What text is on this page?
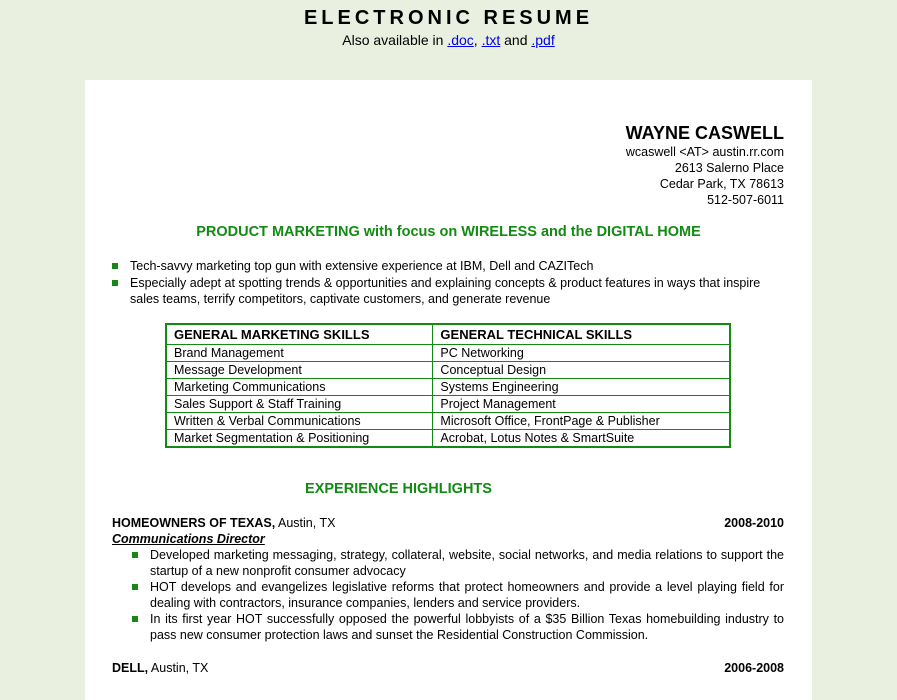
ELECTRONIC RESUME
Also available in .doc, .txt and .pdf
WAYNE CASWELL
wcaswell <AT> austin.rr.com
2613 Salerno Place
Cedar Park, TX 78613
512-507-6011
PRODUCT MARKETING with focus on WIRELESS and the DIGITAL HOME
Tech-savvy marketing top gun with extensive experience at IBM, Dell and CAZITech
Especially adept at spotting trends & opportunities and explaining concepts & product features in ways that inspire sales teams, terrify competitors, captivate customers, and generate revenue
GENERAL MARKETING SKILLS	GENERAL TECHNICAL SKILLS
Brand Management	PC Networking
Message Development	Conceptual Design
Marketing Communications	Systems Engineering
Sales Support & Staff Training	Project Management
Written & Verbal Communications	Microsoft Office, FrontPage & Publisher
Market Segmentation & Positioning	Acrobat, Lotus Notes & SmartSuite
EXPERIENCE HIGHLIGHTS
HOMEOWNERS OF TEXAS, Austin, TX	2008-2010
Communications Director
Developed marketing messaging, strategy, collateral, website, social networks, and media relations to support the startup of a new nonprofit consumer advocacy
HOT develops and evangelizes legislative reforms that protect homeowners and provide a level playing field for dealing with contractors, insurance companies, lenders and service providers.
In its first year HOT successfully opposed the powerful lobbyists of a $35 Billion Texas homebuilding industry to pass new consumer protection laws and sunset the Residential Construction Commission.
DELL, Austin, TX	2006-2008
